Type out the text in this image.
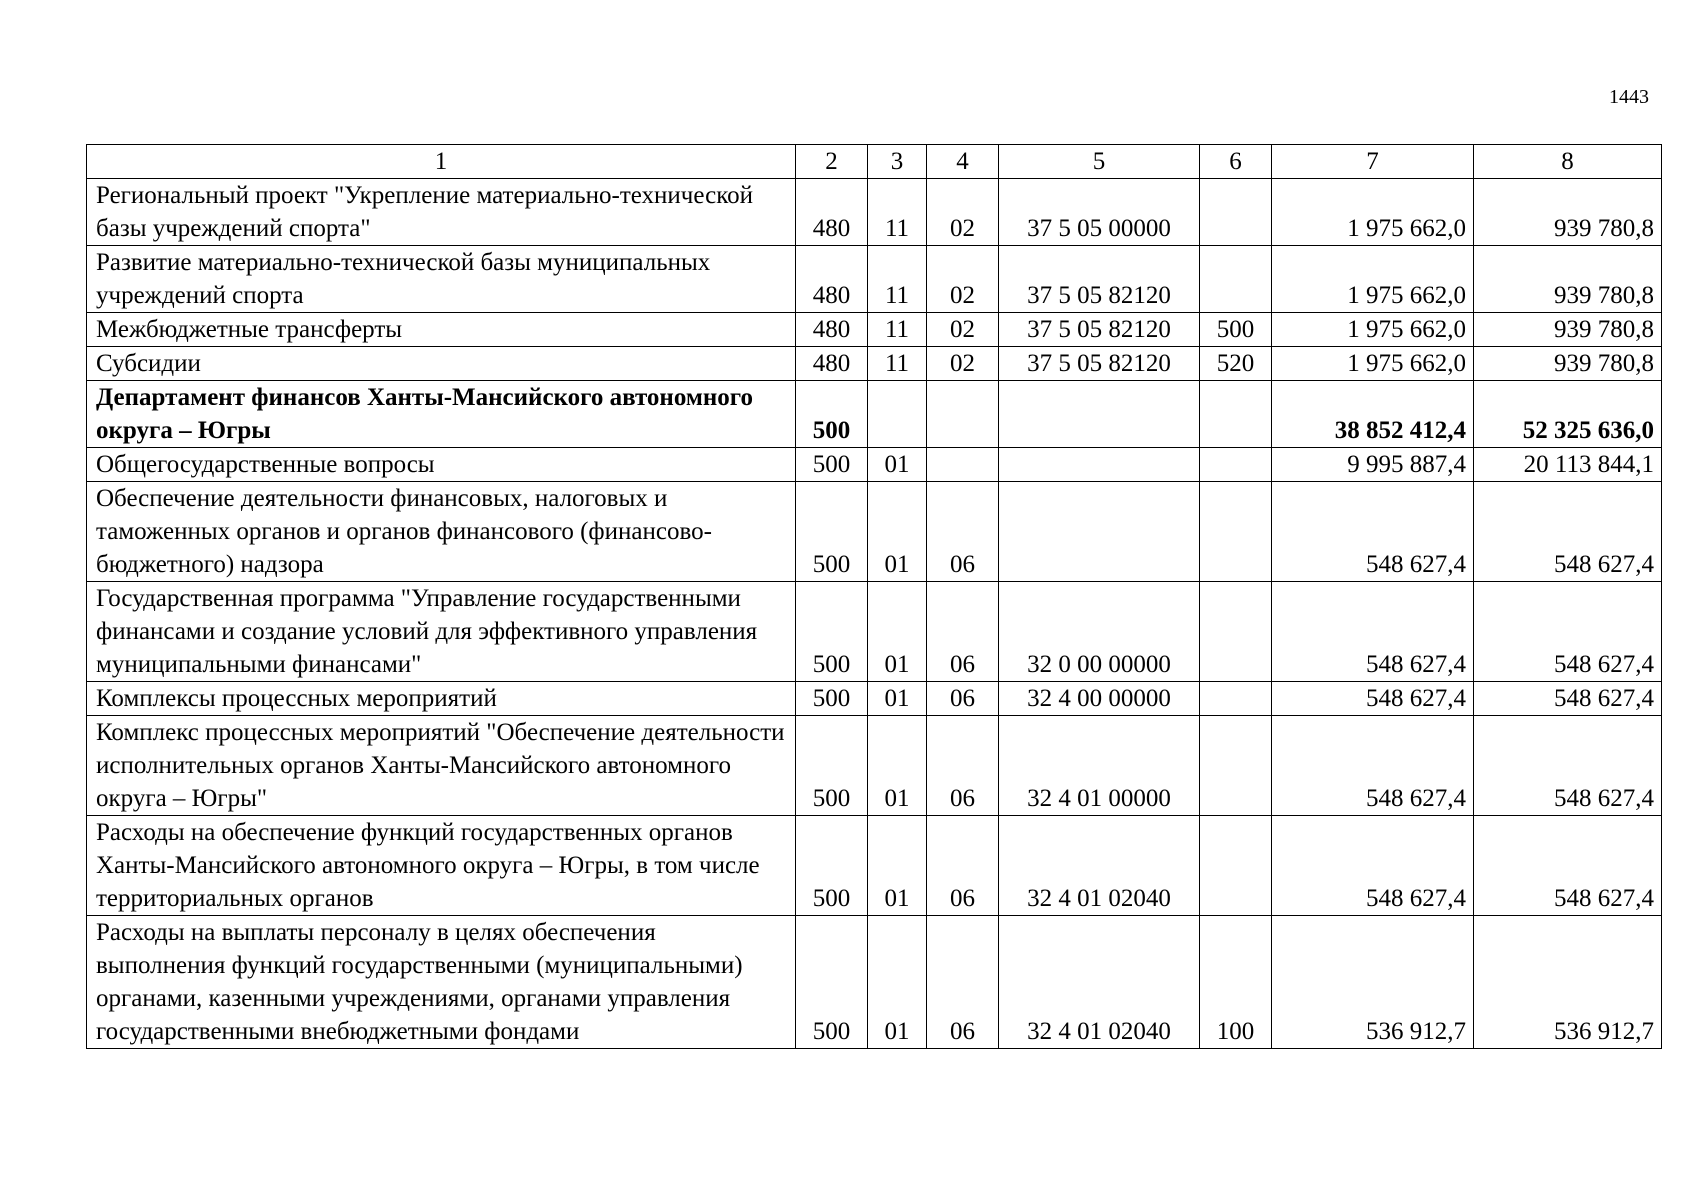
1443
1	2	3	4	5	6	7	8
Региональный проект "Укрепление материально-технической базы учреждений спорта"	480	11	02	37 5 05 00000		1 975 662,0	939 780,8
Развитие материально-технической базы муниципальных учреждений спорта	480	11	02	37 5 05 82120		1 975 662,0	939 780,8
Межбюджетные трансферты	480	11	02	37 5 05 82120	500	1 975 662,0	939 780,8
Субсидии	480	11	02	37 5 05 82120	520	1 975 662,0	939 780,8
Департамент финансов Ханты-Мансийского автономного округа – Югры	500					38 852 412,4	52 325 636,0
Общегосударственные вопросы	500	01				9 995 887,4	20 113 844,1
Обеспечение деятельности финансовых, налоговых и таможенных органов и органов финансового (финансово-бюджетного) надзора	500	01	06			548 627,4	548 627,4
Государственная программа "Управление государственными финансами и создание условий для эффективного управления муниципальными финансами"	500	01	06	32 0 00 00000		548 627,4	548 627,4
Комплексы процессных мероприятий	500	01	06	32 4 00 00000		548 627,4	548 627,4
Комплекс процессных мероприятий "Обеспечение деятельности исполнительных органов Ханты-Мансийского автономного округа – Югры"	500	01	06	32 4 01 00000		548 627,4	548 627,4
Расходы на обеспечение функций государственных органов Ханты-Мансийского автономного округа – Югры, в том числе территориальных органов	500	01	06	32 4 01 02040		548 627,4	548 627,4
Расходы на выплаты персоналу в целях обеспечения выполнения функций государственными (муниципальными) органами, казенными учреждениями, органами управления государственными внебюджетными фондами	500	01	06	32 4 01 02040	100	536 912,7	536 912,7
